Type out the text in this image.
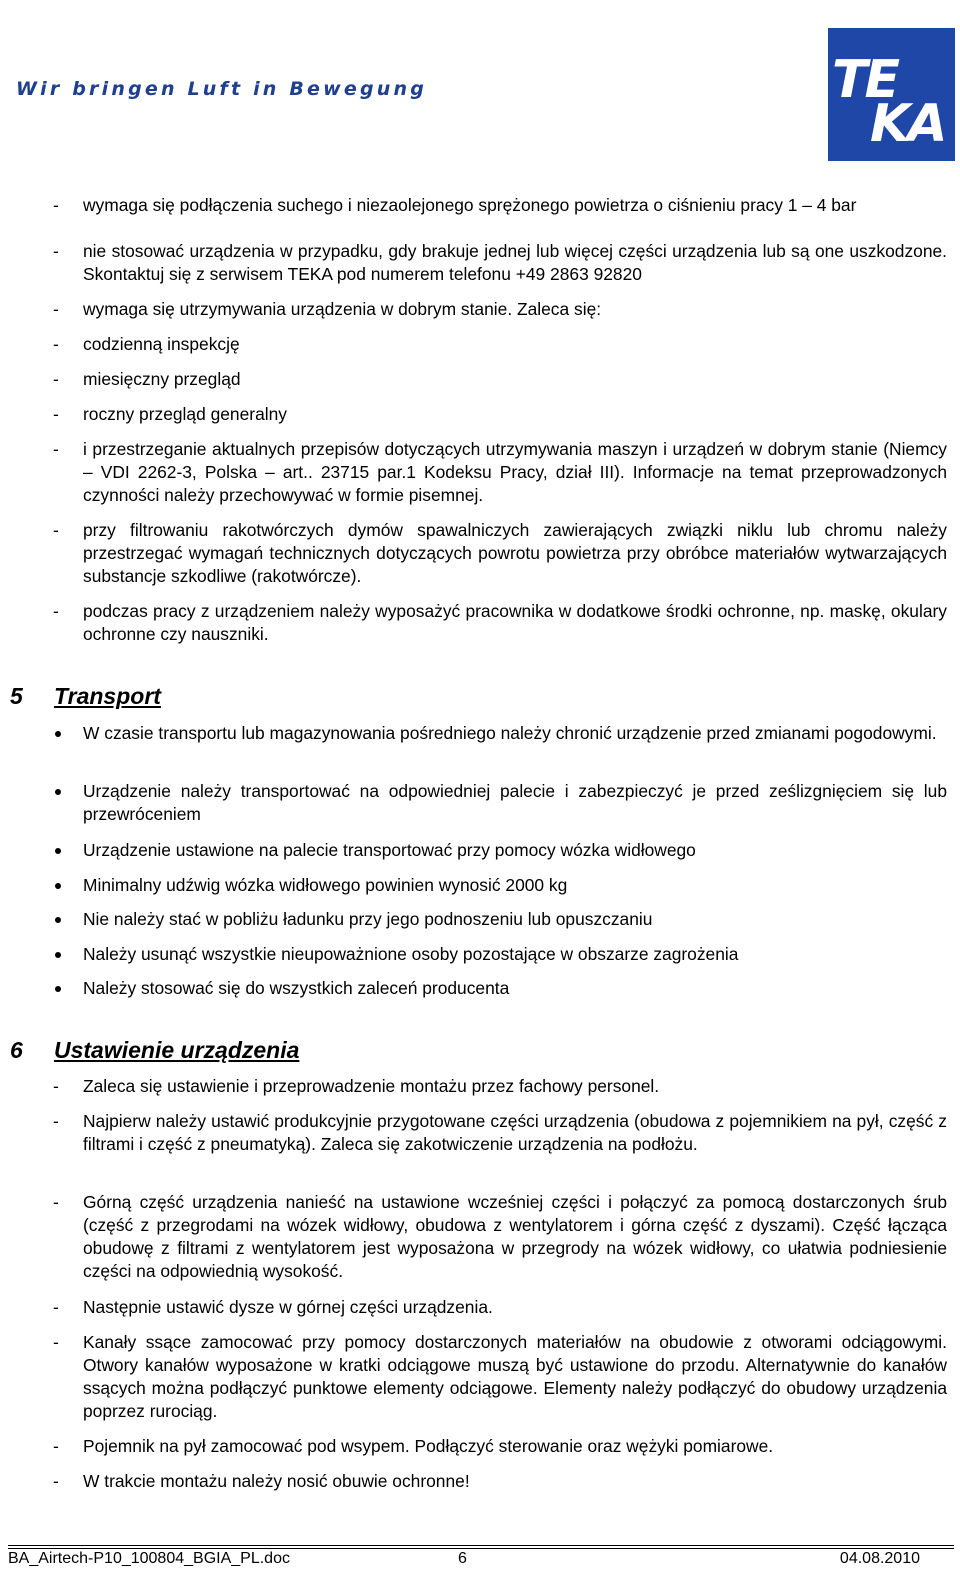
Wir bringen Luft in Bewegung	TE
KA
- wymaga się podłączenia suchego i niezaolejonego sprężonego powietrza o ciśnieniu pracy 1 – 4 bar
- nie stosować urządzenia w przypadku, gdy brakuje jednej lub więcej części urządzenia lub są one uszkodzone. Skontaktuj się z serwisem TEKA pod numerem telefonu +49 2863 92820
- wymaga się utrzymywania urządzenia w dobrym stanie. Zaleca się:
- codzienną inspekcję
- miesięczny przegląd
- roczny przegląd generalny
- i przestrzeganie aktualnych przepisów dotyczących utrzymywania maszyn i urządzeń w dobrym stanie (Niemcy – VDI 2262-3, Polska – art.. 23715 par.1 Kodeksu Pracy, dział III). Informacje na temat przeprowadzonych czynności należy przechowywać w formie pisemnej.
- przy filtrowaniu rakotwórczych dymów spawalniczych zawierających związki niklu lub chromu należy przestrzegać wymagań technicznych dotyczących powrotu powietrza przy obróbce materiałów wytwarzających substancje szkodliwe (rakotwórcze).
- podczas pracy z urządzeniem należy wyposażyć pracownika w dodatkowe środki ochronne, np. maskę, okulary ochronne czy nauszniki.
5 Transport
W czasie transportu lub magazynowania pośredniego należy chronić urządzenie przed zmianami pogodowymi.
Urządzenie należy transportować na odpowiedniej palecie i zabezpieczyć je przed ześlizgnięciem się lub przewróceniem
Urządzenie ustawione na palecie transportować przy pomocy wózka widłowego
Minimalny udźwig wózka widłowego powinien wynosić 2000 kg
Nie należy stać w pobliżu ładunku przy jego podnoszeniu lub opuszczaniu
Należy usunąć wszystkie nieupoważnione osoby pozostające w obszarze zagrożenia
Należy stosować się do wszystkich zaleceń producenta
6 Ustawienie urządzenia
- Zaleca się ustawienie i przeprowadzenie montażu przez fachowy personel.
- Najpierw należy ustawić produkcyjnie przygotowane części urządzenia (obudowa z pojemnikiem na pył, część z filtrami i część z pneumatyką). Zaleca się zakotwiczenie urządzenia na podłożu.
- Górną część urządzenia nanieść na ustawione wcześniej części i połączyć za pomocą dostarczonych śrub (część z przegrodami na wózek widłowy, obudowa z wentylatorem i górna część z dyszami). Część łącząca obudowę z filtrami z wentylatorem jest wyposażona w przegrody na wózek widłowy, co ułatwia podniesienie części na odpowiednią wysokość.
- Następnie ustawić dysze w górnej części urządzenia.
- Kanały ssące zamocować przy pomocy dostarczonych materiałów na obudowie z otworami odciągowymi. Otwory kanałów wyposażone w kratki odciągowe muszą być ustawione do przodu. Alternatywnie do kanałów ssących można podłączyć punktowe elementy odciągowe. Elementy należy podłączyć do obudowy urządzenia poprzez rurociąg.
- Pojemnik na pył zamocować pod wsypem. Podłączyć sterowanie oraz wężyki pomiarowe.
- W trakcie montażu należy nosić obuwie ochronne!
BA_Airtech-P10_100804_BGIA_PL.doc	6	04.08.2010
